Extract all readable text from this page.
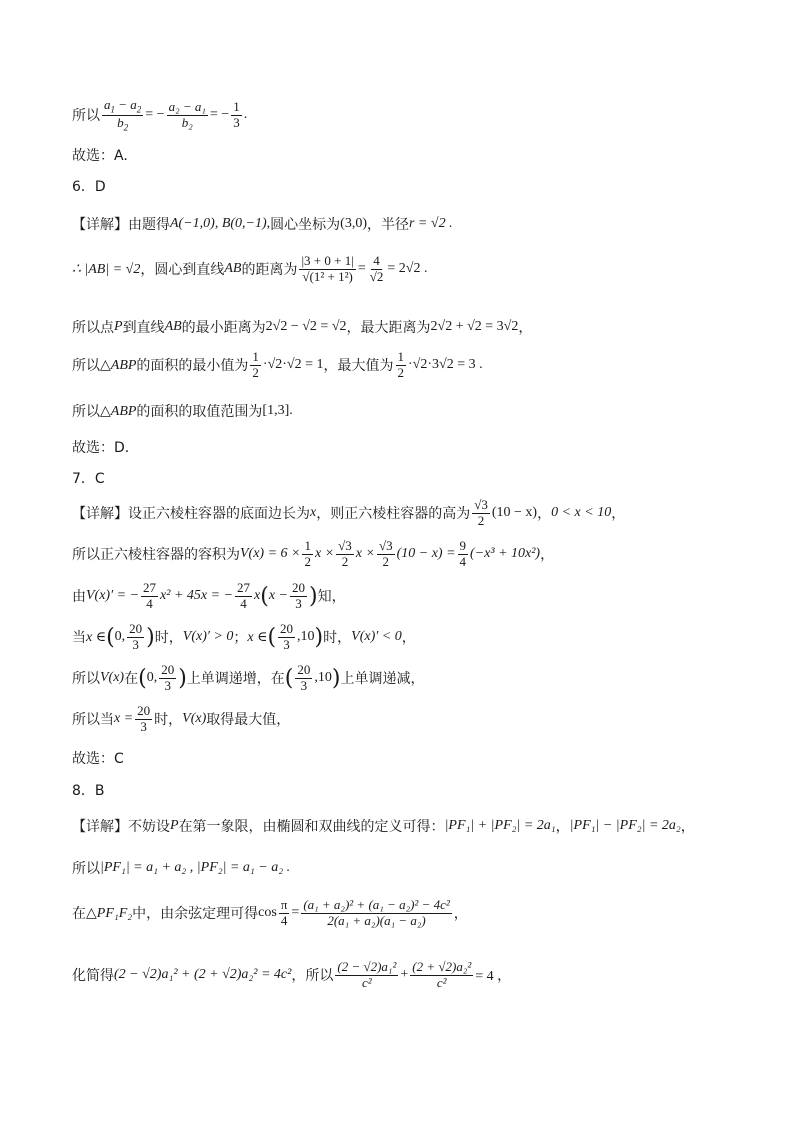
所以 $\frac{a_1 - a_2}{b_2}$ = − $\frac{\text{a₂ − a₁}}{\text{b₂}}$ = − $\frac{1}{3}$ .
故选：A.
6．D
【详解】由题得 A(−1,0), B(0,−1), 圆心坐标为 (3,0) ，半径 r = √2 .
∴ |AB| = √2 ，圆心到直线 AB 的距离为 $\frac{|3 + 0 + 1|}{\text{√(1² + 1²)}} = \frac{4}{√2} = 2√2$ .
所以点 P 到直线 AB 的最小距离为 2√2 − √2 = √2 ，最大距离为 2√2 + √2 = 3√2 ，
所以 △ABP 的面积的最小值为 $\frac{1}{2} \cdot√2\cdot√2 = 1$ ，最大值为 $\frac{1}{2} \cdot√2\cdot 3√2 = 3$ .
所以 △ABP 的面积的取值范围为 [1,3] .
故选：D.
7．C
【详解】设正六棱柱容器的底面边长为 x ，则正六棱柱容器的高为 $\frac{√3}{2} (10 - x)$ ， 0 < x < 10 ，
所以正六棱柱容器的容积为 $V(x) = 6 \times \frac{1}{2}$ $x \times \frac{√3}{2}$ $x \times \frac{√3}{2} (10 - x) = \frac{9}{4} (-x^3 + 10x^2)$ ，
由 V(x)′ = − $\frac{27}{4} x^2 + 45x$ = − $\frac{27}{4}$ x ( $x - \frac{20}{3}$ ) 知，
当 x ∈ ( 0, $\frac{20}{3}$ ) 时， V(x)′ > 0 ； x ∈ ( $\frac{20}{3} ,10$ ) 时， V(x)′ < 0 ，
所以 V(x) 在 ( 0, $\frac{20}{3}$ ) 上单调递增，在 ( $\frac{20}{3} ,10$ ) 上单调递减，
所以当 $x = \frac{20}{3}$ 时， V(x) 取得最大值，
故选：C
8．B
【详解】不妨设 P 在第一象限，由椭圆和双曲线的定义可得： |PF₁| + |PF₂| = 2a₁ ， |PF₁| − |PF₂| = 2a₂ ，
所以 |PF₁| = a₁ + a₂ , |PF₂| = a₁ − a₂ .
在 △PF₁F₂ 中，由余弦定理可得 $\cos \frac{\pi}{4} = \frac{\text{(a₁ + a₂)² + (a₁ − a₂)² − 4c²}}{\text{2(a₁ + a₂)(a₁ − a₂)}}$ ，
化简得 (2 − √2)a₁² + (2 + √2)a₂² = 4c² ，所以 $\frac{\text{(2 − √2)a₁²}}{\text{c²}} + \frac{\text{(2 + √2)a₂²}}{\text{c²}} = 4$ ，
